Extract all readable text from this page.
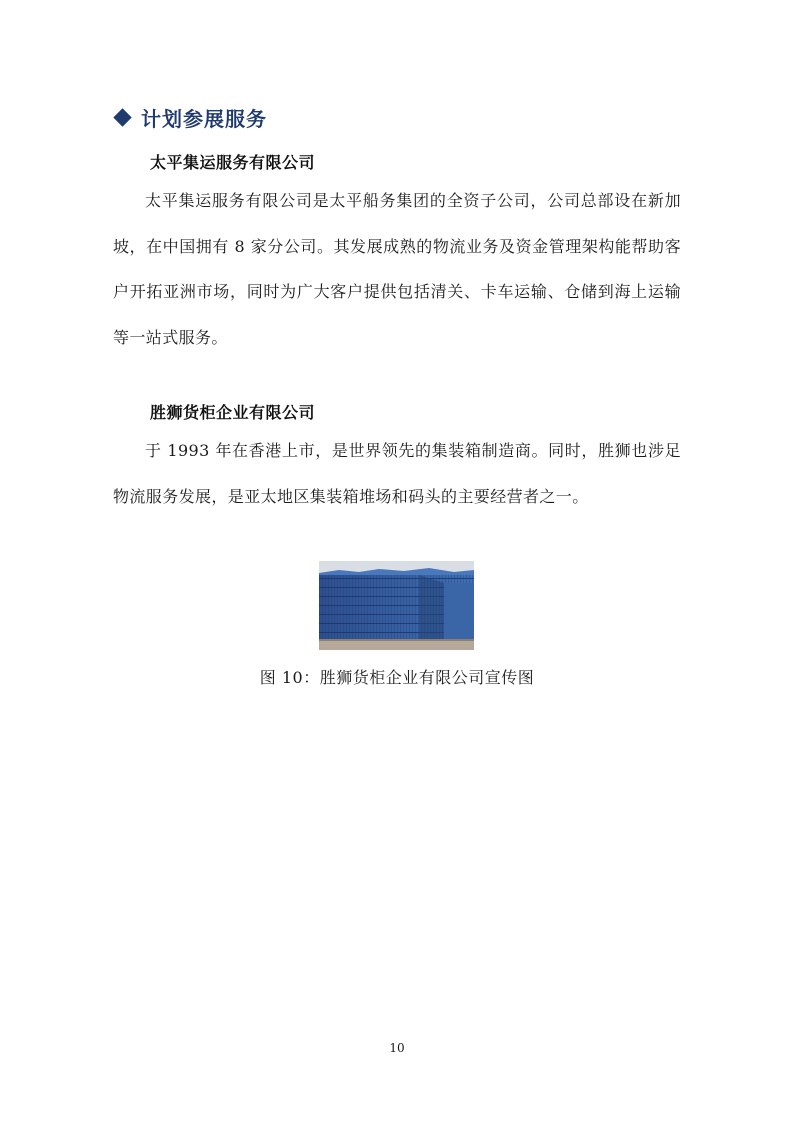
计划参展服务
太平集运服务有限公司

太平集运服务有限公司是太平船务集团的全资子公司，公司总部设在新加坡，在中国拥有 8 家分公司。其发展成熟的物流业务及资金管理架构能帮助客户开拓亚洲市场，同时为广大客户提供包括清关、卡车运输、仓储到海上运输等一站式服务。

胜狮货柜企业有限公司

于 1993 年在香港上市，是世界领先的集装箱制造商。同时，胜狮也涉足物流服务发展，是亚太地区集装箱堆场和码头的主要经营者之一。

图 10：胜狮货柜企业有限公司宣传图
10
